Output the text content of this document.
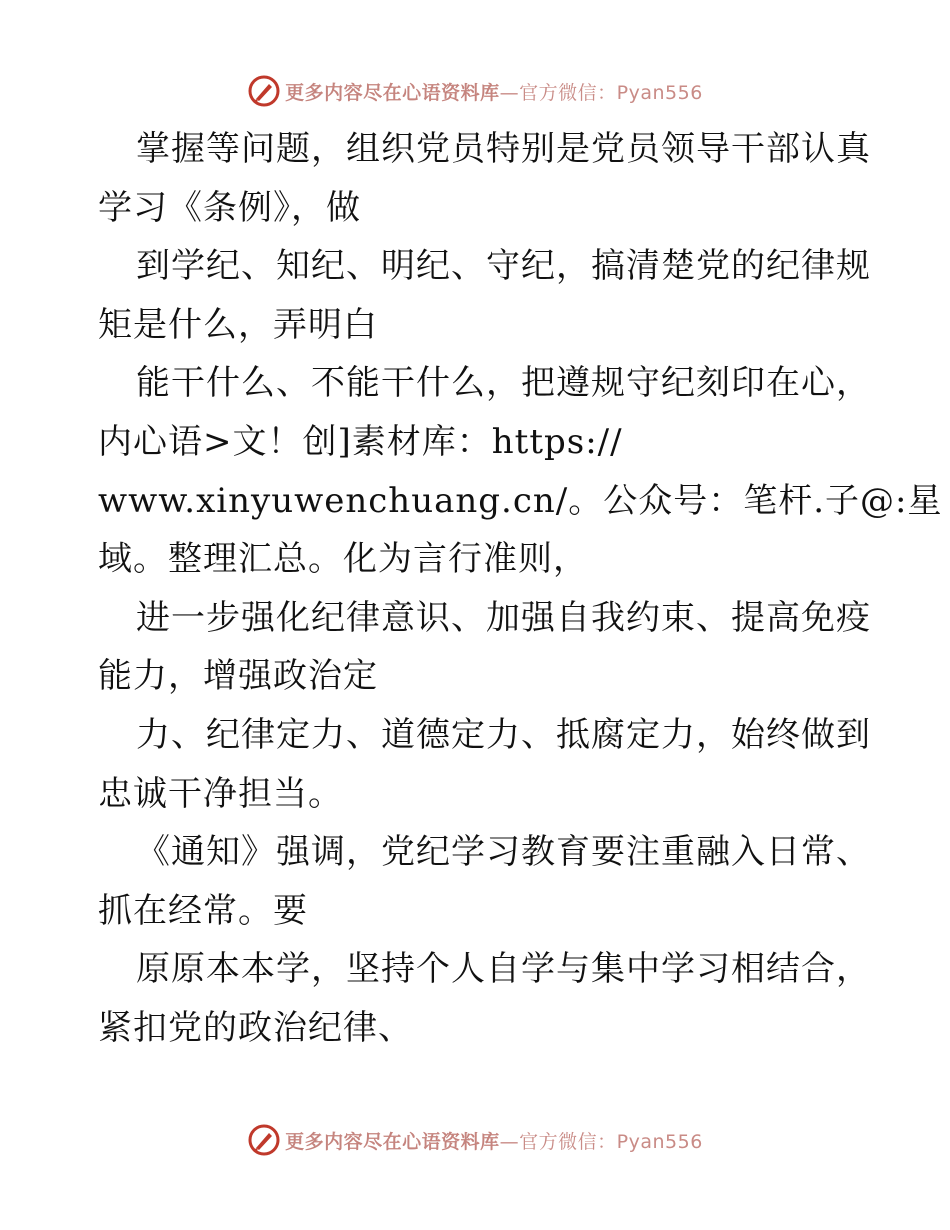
更多内容尽在心语资料库—官方微信：Pyan556
掌握等问题，组织党员特别是党员领导干部认真
学习《条例》，做
到学纪、知纪、明纪、守纪，搞清楚党的纪律规
矩是什么，弄明白
能干什么、不能干什么，把遵规守纪刻印在心，
内心语>文！创]素材库：https://
www.xinyuwenchuang.cn/。公众号：笔杆.子@:星
域。整理汇总。化为言行准则，
进一步强化纪律意识、加强自我约束、提高免疫
能力，增强政治定
力、纪律定力、道德定力、抵腐定力，始终做到
忠诚干净担当。
《通知》强调，党纪学习教育要注重融入日常、
抓在经常。要
原原本本学，坚持个人自学与集中学习相结合，
紧扣党的政治纪律、
更多内容尽在心语资料库—官方微信：Pyan556
